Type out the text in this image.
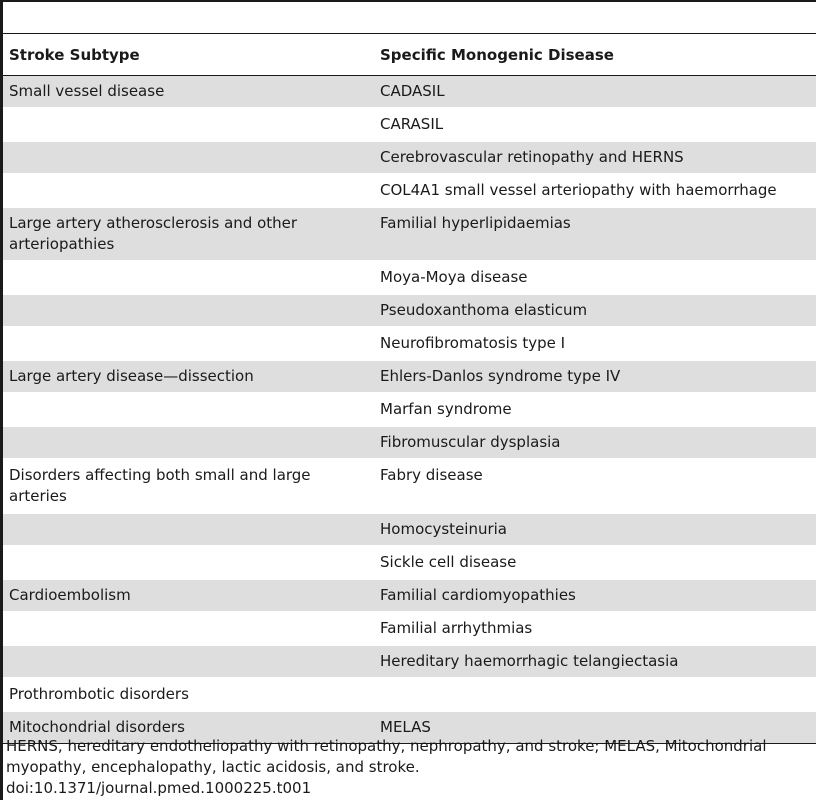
Stroke Subtype	Specific Monogenic Disease
Small vessel disease	CADASIL
	CARASIL
	Cerebrovascular retinopathy and HERNS
	COL4A1 small vessel arteriopathy with haemorrhage
Large artery atherosclerosis and other arteriopathies	Familial hyperlipidaemias
	Moya-Moya disease
	Pseudoxanthoma elasticum
	Neurofibromatosis type I
Large artery disease—dissection	Ehlers-Danlos syndrome type IV
	Marfan syndrome
	Fibromuscular dysplasia
Disorders affecting both small and large arteries	Fabry disease
	Homocysteinuria
	Sickle cell disease
Cardioembolism	Familial cardiomyopathies
	Familial arrhythmias
	Hereditary haemorrhagic telangiectasia
Prothrombotic disorders	
Mitochondrial disorders	MELAS
HERNS, hereditary endotheliopathy with retinopathy, nephropathy, and stroke; MELAS, Mitochondrial myopathy, encephalopathy, lactic acidosis, and stroke.
doi:10.1371/journal.pmed.1000225.t001
